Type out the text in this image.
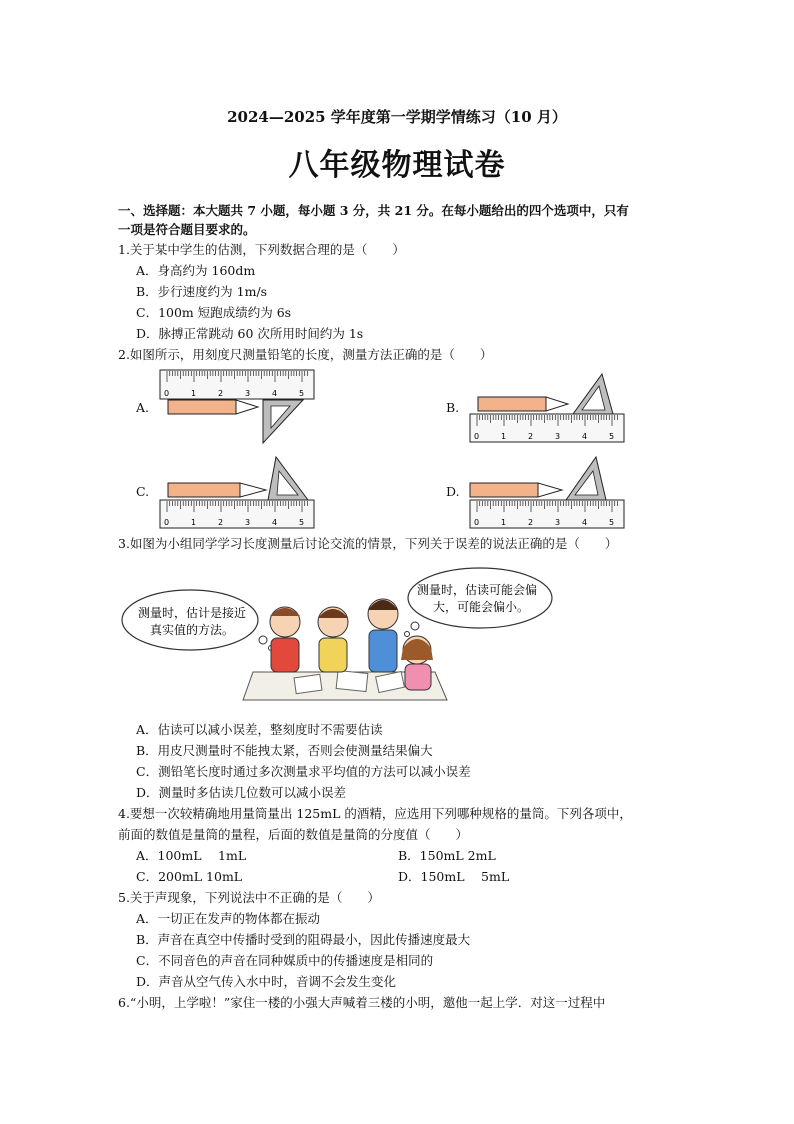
2024—2025 学年度第一学期学情练习（10 月）
八年级物理试卷
一、选择题：本大题共 7 小题，每小题 3 分，共 21 分。在每小题给出的四个选项中，只有
一项是符合题目要求的。
1.关于某中学生的估测，下列数据合理的是（　　）
A．身高约为 160dm
B．步行速度约为 1m/s
C．100m 短跑成绩约为 6s
D．脉搏正常跳动 60 次所用时间约为 1s
2.如图所示，用刻度尺测量铅笔的长度，测量方法正确的是（　　）
A.	B.
C.	D.
0	1	2	3	4	5
0	1	2	3	4	5
0	1	2	3	4	5	0	1	2	3	4	5
3.如图为小组同学学习长度测量后讨论交流的情景，下列关于误差的说法正确的是（　　）
测量时，估计是接近
真实值的方法。
测量时，估读可能会偏
大，可能会偏小。
A．估读可以减小误差，整刻度时不需要估读
B．用皮尺测量时不能拽太紧，否则会使测量结果偏大
C．测铅笔长度时通过多次测量求平均值的方法可以减小误差
D．测量时多估读几位数可以减小误差
4.要想一次较精确地用量筒量出 125mL 的酒精，应选用下列哪种规格的量筒。下列各项中，
前面的数值是量筒的量程，后面的数值是量筒的分度值（　　）
A．100mL　 1mL	B．150mL 2mL
C．200mL 10mL	D．150mL　 5mL
5.关于声现象，下列说法中不正确的是（　　）
A．一切正在发声的物体都在振动
B．声音在真空中传播时受到的阻碍最小，因此传播速度最大
C．不同音色的声音在同种媒质中的传播速度是相同的
D．声音从空气传入水中时，音调不会发生变化
6.“小明，上学啦！”家住一楼的小强大声喊着三楼的小明，邀他一起上学．对这一过程中
